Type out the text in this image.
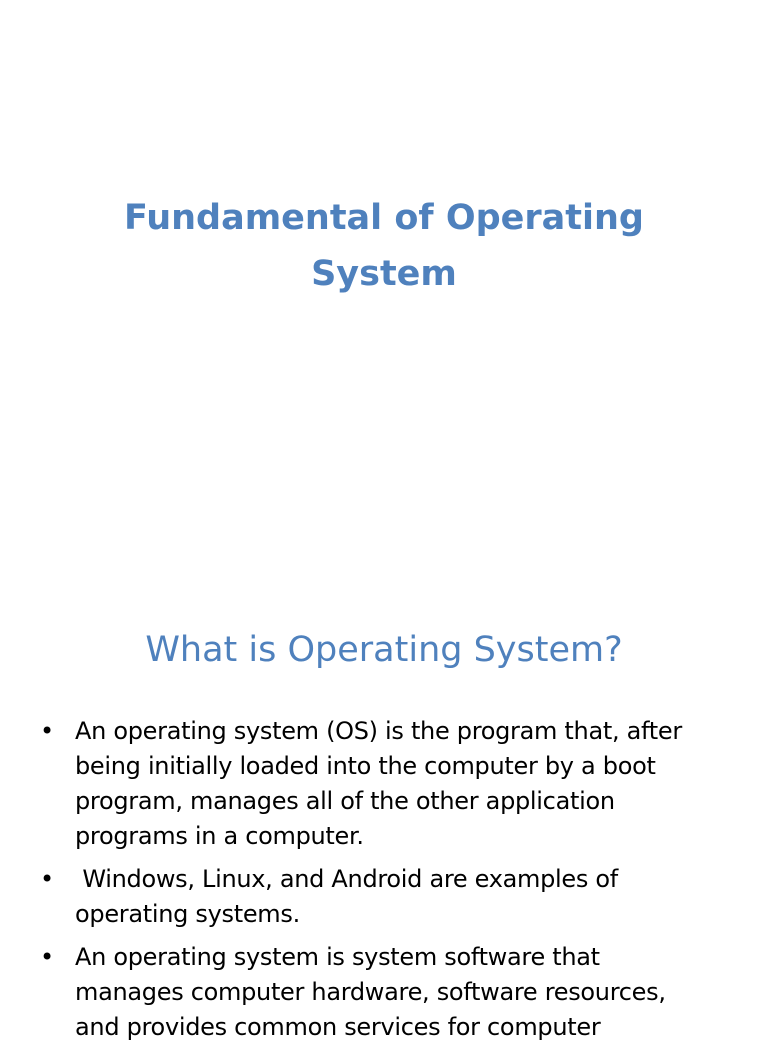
Fundamental of Operating
System
What is Operating System?
• An operating system (OS) is the program that, after
being initially loaded into the computer by a boot
program, manages all of the other application
programs in a computer.
• Windows, Linux, and Android are examples of
operating systems.
• An operating system is system software that
manages computer hardware, software resources,
and provides common services for computer
